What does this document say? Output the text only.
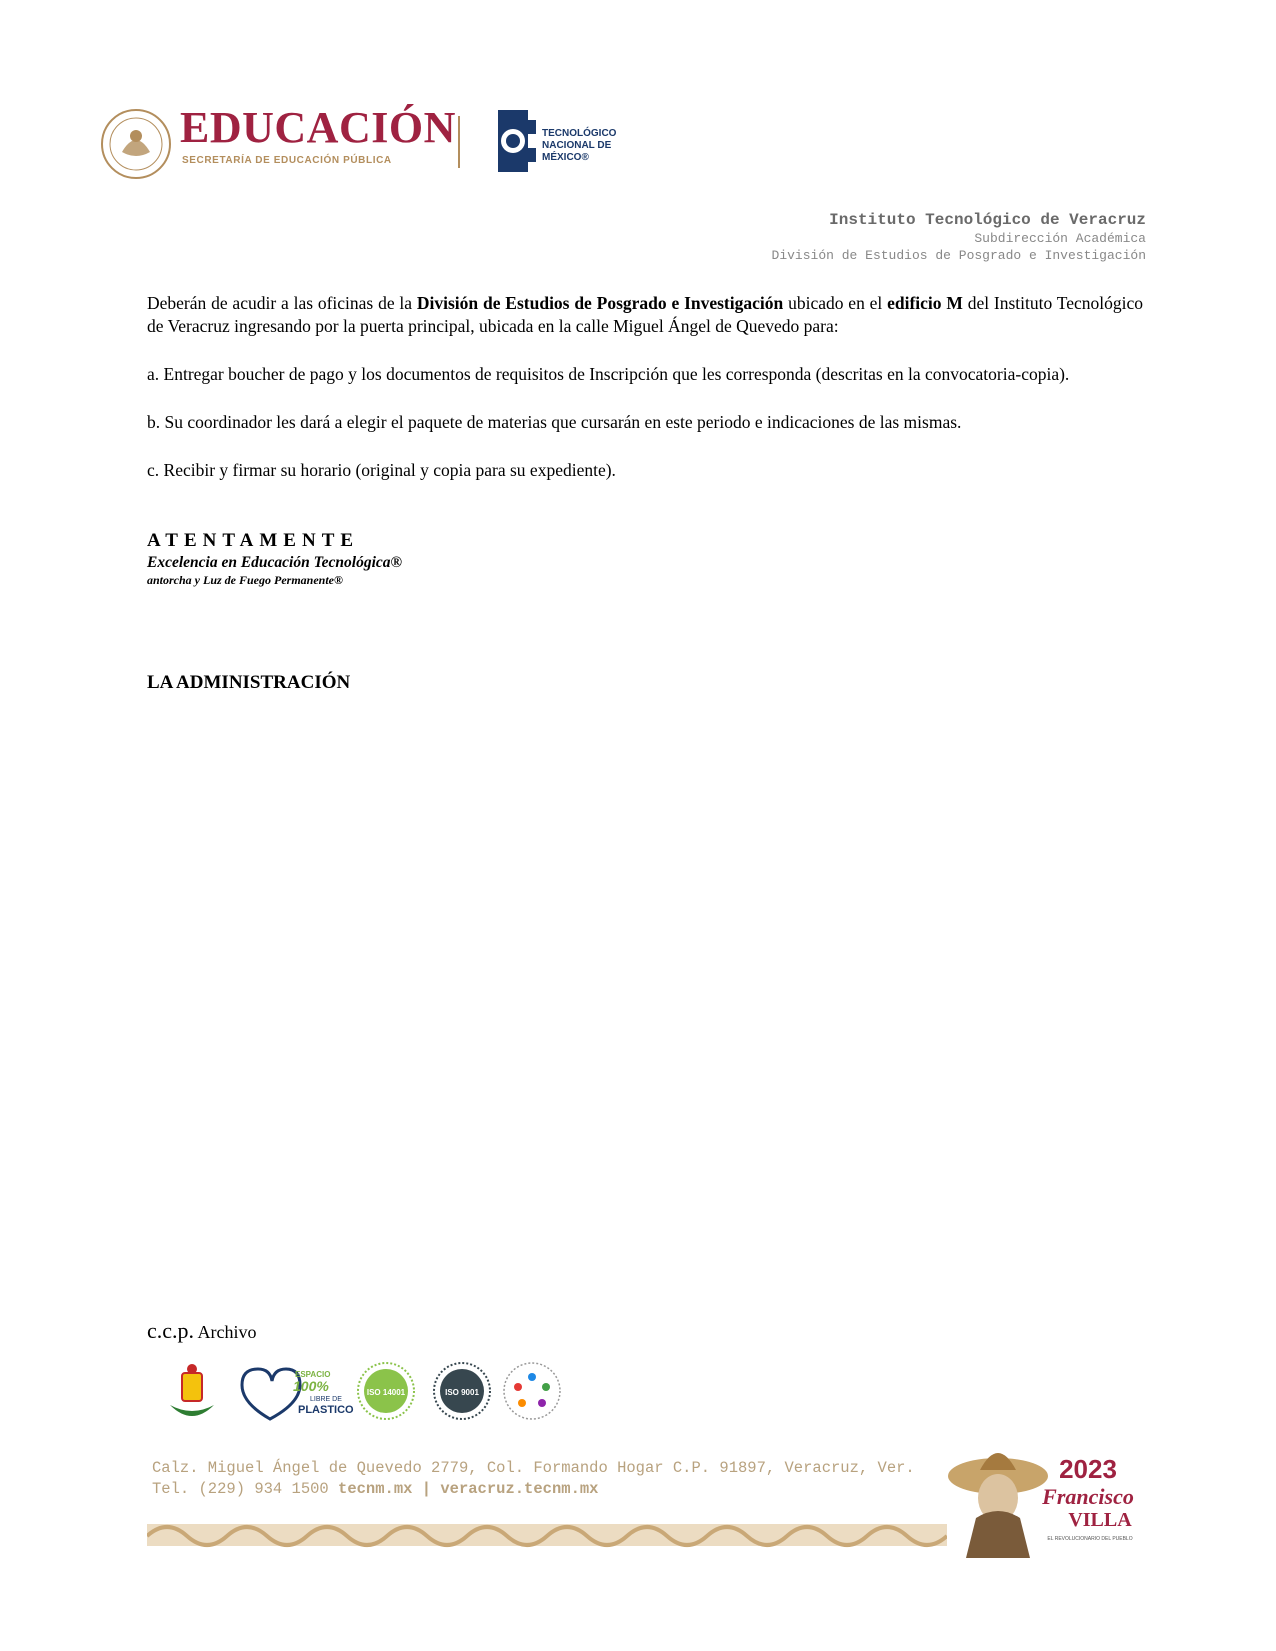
EDUCACIÓN
SECRETARÍA DE EDUCACIÓN PÚBLICA
TECNOLÓGICO
NACIONAL DE MÉXICO®
Instituto Tecnológico de Veracruz
Subdirección Académica
División de Estudios de Posgrado e Investigación

Deberán de acudir a las oficinas de la División de Estudios de Posgrado e Investigación ubicado en el edificio M del Instituto Tecnológico de Veracruz ingresando por la puerta principal, ubicada en la calle Miguel Ángel de Quevedo para:

a. Entregar boucher de pago y los documentos de requisitos de Inscripción que les corresponda (descritas en la convocatoria-copia).

b. Su coordinador les dará a elegir el paquete de materias que cursarán en este periodo e indicaciones de las mismas.

c. Recibir y firmar su horario (original y copia para su expediente).

ATENTAMENTE
Excelencia en Educación Tecnológica®
antorcha y Luz de Fuego Permanente®
LA ADMINISTRACIÓN
c.c.p. Archivo
ESPACIO
100%
LIBRE DE
PLASTICO
ISO 14001	ISO 9001
Calz. Miguel Ángel de Quevedo 2779, Col. Formando Hogar C.P. 91897, Veracruz, Ver.
Tel. (229) 934 1500 tecnm.mx | veracruz.tecnm.mx
2023
Francisco
VILLA
EL REVOLUCIONARIO DEL PUEBLO
